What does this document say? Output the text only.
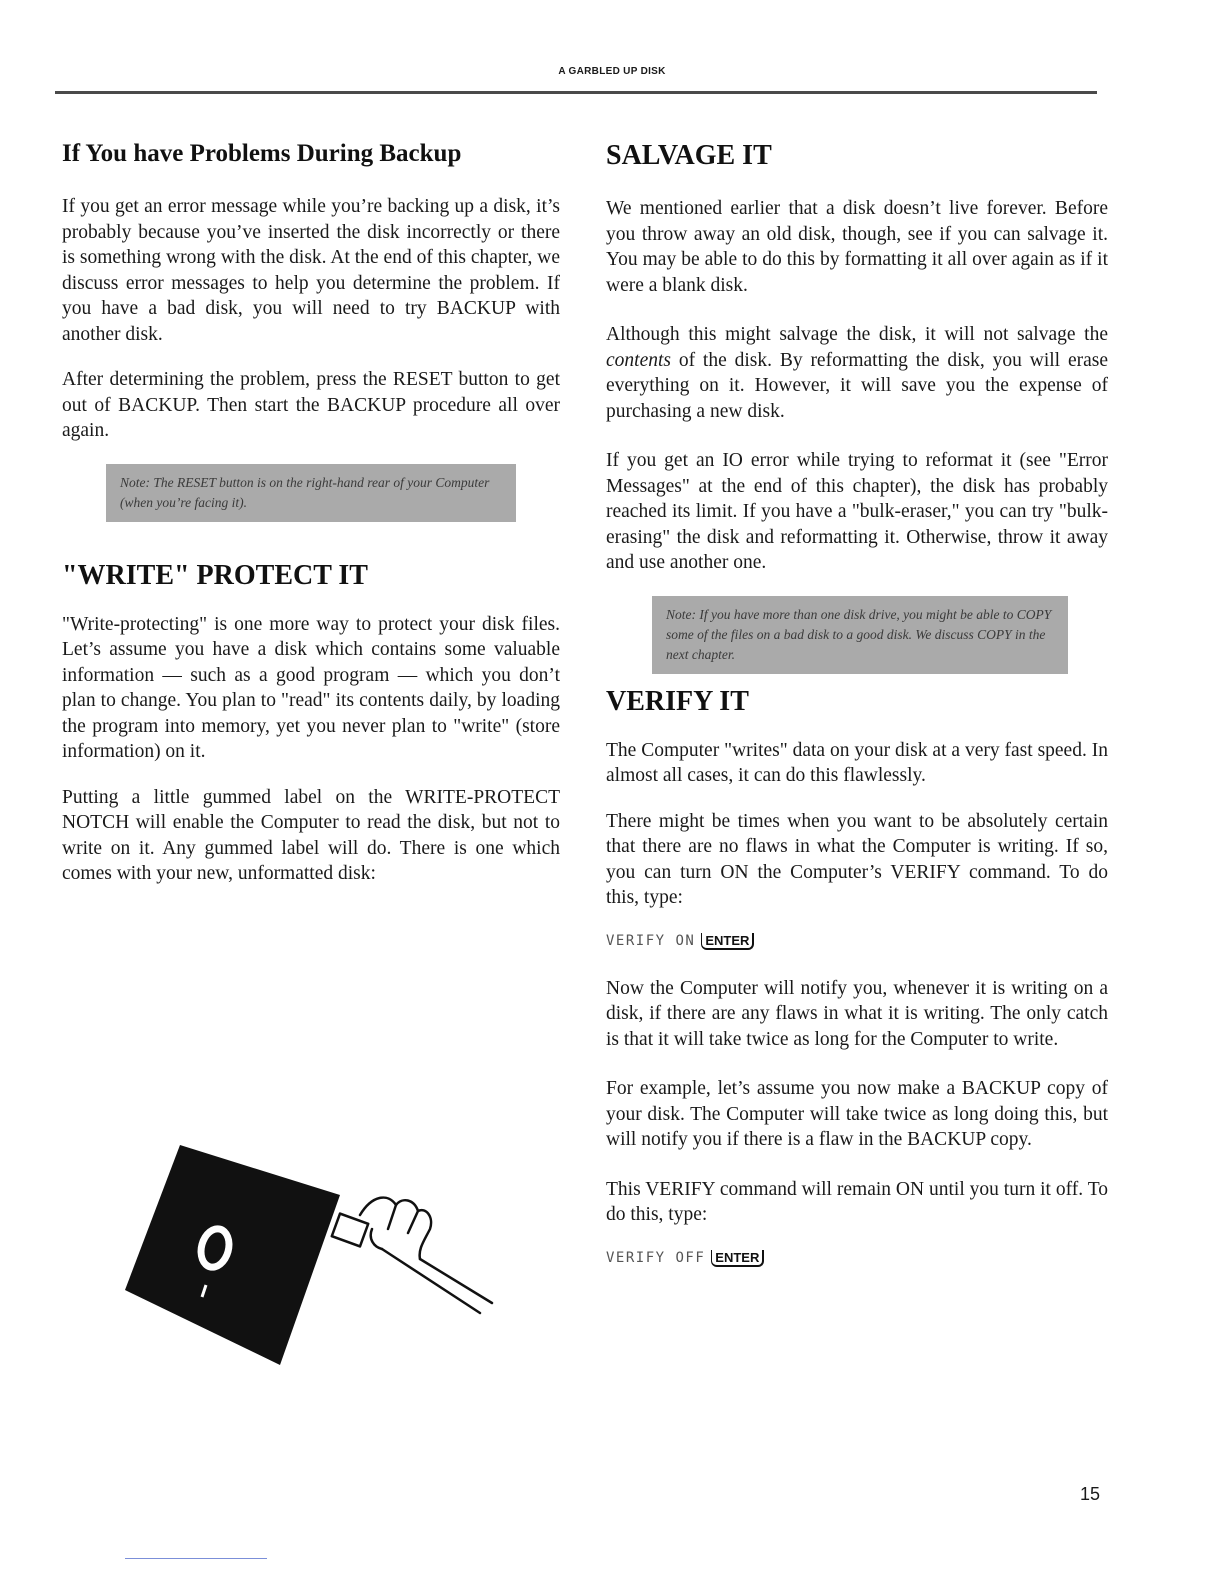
A GARBLED UP DISK
If You have Problems During Backup

If you get an error message while you’re backing up a disk, it’s probably because you’ve inserted the disk incorrectly or there is something wrong with the disk. At the end of this chapter, we discuss error messages to help you determine the problem. If you have a bad disk, you will need to try BACKUP with another disk.

After determining the problem, press the RESET button to get out of BACKUP. Then start the BACKUP procedure all over again.

Note: The RESET button is on the right-hand rear of your Computer (when you’re facing it).
"WRITE" PROTECT IT

"Write-protecting" is one more way to protect your disk files. Let’s assume you have a disk which contains some valuable information — such as a good program — which you don’t plan to change. You plan to "read" its contents daily, by loading the program into memory, yet you never plan to "write" (store information) on it.

Putting a little gummed label on the WRITE-PROTECT NOTCH will enable the Computer to read the disk, but not to write on it. Any gummed label will do. There is one which comes with your new, unformatted disk:

SALVAGE IT

We mentioned earlier that a disk doesn’t live forever. Before you throw away an old disk, though, see if you can salvage it. You may be able to do this by formatting it all over again as if it were a blank disk.

Although this might salvage the disk, it will not salvage the contents of the disk. By reformatting the disk, you will erase everything on it. However, it will save you the expense of purchasing a new disk.

If you get an IO error while trying to reformat it (see "Error Messages" at the end of this chapter), the disk has probably reached its limit. If you have a "bulk-eraser," you can try "bulk-erasing" the disk and reformatting it. Otherwise, throw it away and use another one.

Note: If you have more than one disk drive, you might be able to COPY some of the files on a bad disk to a good disk. We discuss COPY in the next chapter.
VERIFY IT

The Computer "writes" data on your disk at a very fast speed. In almost all cases, it can do this flawlessly.

There might be times when you want to be absolutely certain that there are no flaws in what the Computer is writing. If so, you can turn ON the Computer’s VERIFY command. To do this, type:

VERIFY ON ENTER

Now the Computer will notify you, whenever it is writing on a disk, if there are any flaws in what it is writing. The only catch is that it will take twice as long for the Computer to write.

For example, let’s assume you now make a BACKUP copy of your disk. The Computer will take twice as long doing this, but will notify you if there is a flaw in the BACKUP copy.

This VERIFY command will remain ON until you turn it off. To do this, type:

VERIFY OFF ENTER
15
